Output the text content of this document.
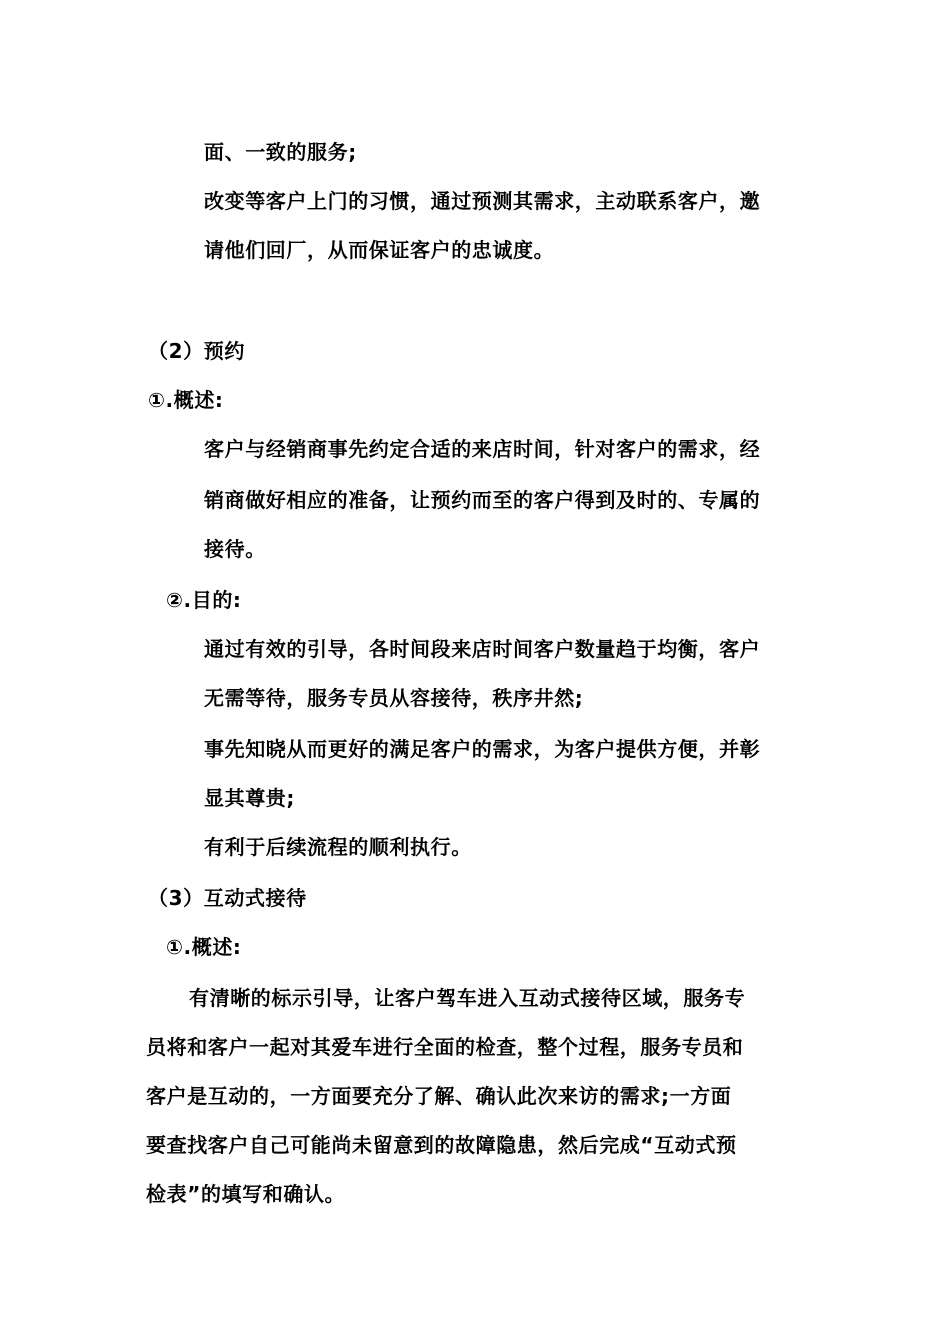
面、一致的服务;
改变等客户上门的习惯，通过预测其需求，主动联系客户，邀
请他们回厂，从而保证客户的忠诚度。
（2）预约
①.概述:
客户与经销商事先约定合适的来店时间，针对客户的需求，经
销商做好相应的准备，让预约而至的客户得到及时的、专属的
接待。
②.目的:
通过有效的引导，各时间段来店时间客户数量趋于均衡，客户
无需等待，服务专员从容接待，秩序井然;
事先知晓从而更好的满足客户的需求，为客户提供方便，并彰
显其尊贵;
有利于后续流程的顺利执行。
（3）互动式接待
①.概述:
有清晰的标示引导，让客户驾车进入互动式接待区域，服务专
员将和客户一起对其爱车进行全面的检查，整个过程，服务专员和
客户是互动的，一方面要充分了解、确认此次来访的需求;一方面
要查找客户自己可能尚未留意到的故障隐患，然后完成“互动式预
检表”的填写和确认。
